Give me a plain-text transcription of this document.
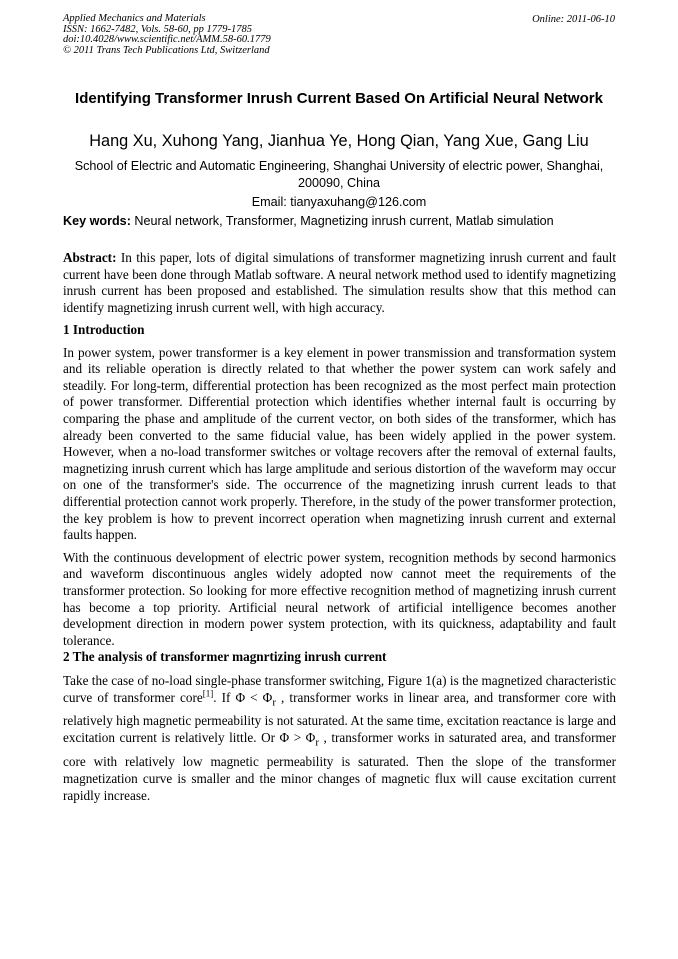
Applied Mechanics and Materials
ISSN: 1662-7482, Vols. 58-60, pp 1779-1785
doi:10.4028/www.scientific.net/AMM.58-60.1779
© 2011 Trans Tech Publications Ltd, Switzerland
Online: 2011-06-10
Identifying Transformer Inrush Current Based On Artificial Neural Network
Hang Xu, Xuhong Yang, Jianhua Ye, Hong Qian, Yang Xue, Gang Liu
School of Electric and Automatic Engineering, Shanghai University of electric power, Shanghai, 200090, China
Email: tianyaxuhang@126.com
Key words: Neural network, Transformer, Magnetizing inrush current, Matlab simulation

Abstract: In this paper, lots of digital simulations of transformer magnetizing inrush current and fault current have been done through Matlab software. A neural network method used to identify magnetizing inrush current has been proposed and established. The simulation results show that this method can identify magnetizing inrush current well, with high accuracy.

1 Introduction

In power system, power transformer is a key element in power transmission and transformation system and its reliable operation is directly related to that whether the power system can work safely and steadily. For long-term, differential protection has been recognized as the most perfect main protection of power transformer. Differential protection which identifies whether internal fault is occurring by comparing the phase and amplitude of the current vector, on both sides of the transformer, which has already been converted to the same fiducial value, has been widely applied in the power system. However, when a no-load transformer switches or voltage recovers after the removal of external faults, magnetizing inrush current which has large amplitude and serious distortion of the waveform may occur on one of the transformer's side. The occurrence of the magnetizing inrush current leads to that differential protection cannot work properly. Therefore, in the study of the power transformer protection, the key problem is how to prevent incorrect operation when magnetizing inrush current and external faults happen.

With the continuous development of electric power system, recognition methods by second harmonics and waveform discontinuous angles widely adopted now cannot meet the requirements of the transformer protection. So looking for more effective recognition method of magnetizing inrush current has become a top priority. Artificial neural network of artificial intelligence becomes another development direction in modern power system protection, with its quickness, adaptability and fault tolerance.

2 The analysis of transformer magnrtizing inrush current

Take the case of no-load single-phase transformer switching, Figure 1(a) is the magnetized characteristic curve of transformer core[1]. If $\Phi < \Phi_r$ , transformer works in linear area, and transformer core with relatively high magnetic permeability is not saturated. At the same time, excitation reactance is large and excitation current is relatively little. Or $\Phi > \Phi_r$ , transformer works in saturated area, and transformer core with relatively low magnetic permeability is saturated. Then the slope of the transformer magnetization curve is smaller and the minor changes of magnetic flux will cause excitation current rapidly increase.
